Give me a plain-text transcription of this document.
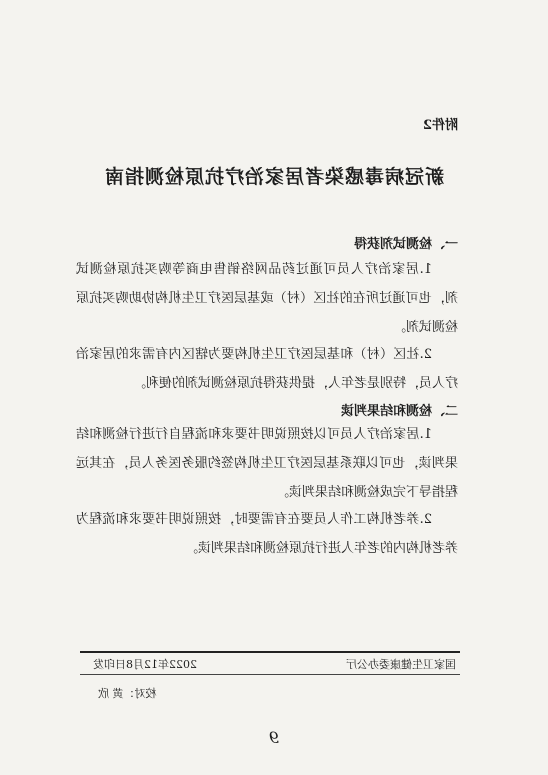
附件2
新冠病毒感染者居家治疗抗原检测指南
一、检测试剂获得
1.居家治疗人员可通过药品网络销售电商等购买抗原检测试剂，也可通过所在的社区（村）或基层医疗卫生机构协助购买抗原检测试剂。
2.社区（村）和基层医疗卫生机构要为辖区内有需求的居家治疗人员，特别是老年人，提供获得抗原检测试剂的便利。
二、检测和结果判读
1.居家治疗人员可以按照说明书要求和流程自行进行检测和结果判读，也可以联系基层医疗卫生机构签约服务医务人员，在其远程指导下完成检测和结果判读。
2.养老机构工作人员要在有需要时，按照说明书要求和流程为养老机构内的老年人进行抗原检测和结果判读。
国家卫生健康委办公厅
2022年12月8日印发
校对：黄 欣
9
